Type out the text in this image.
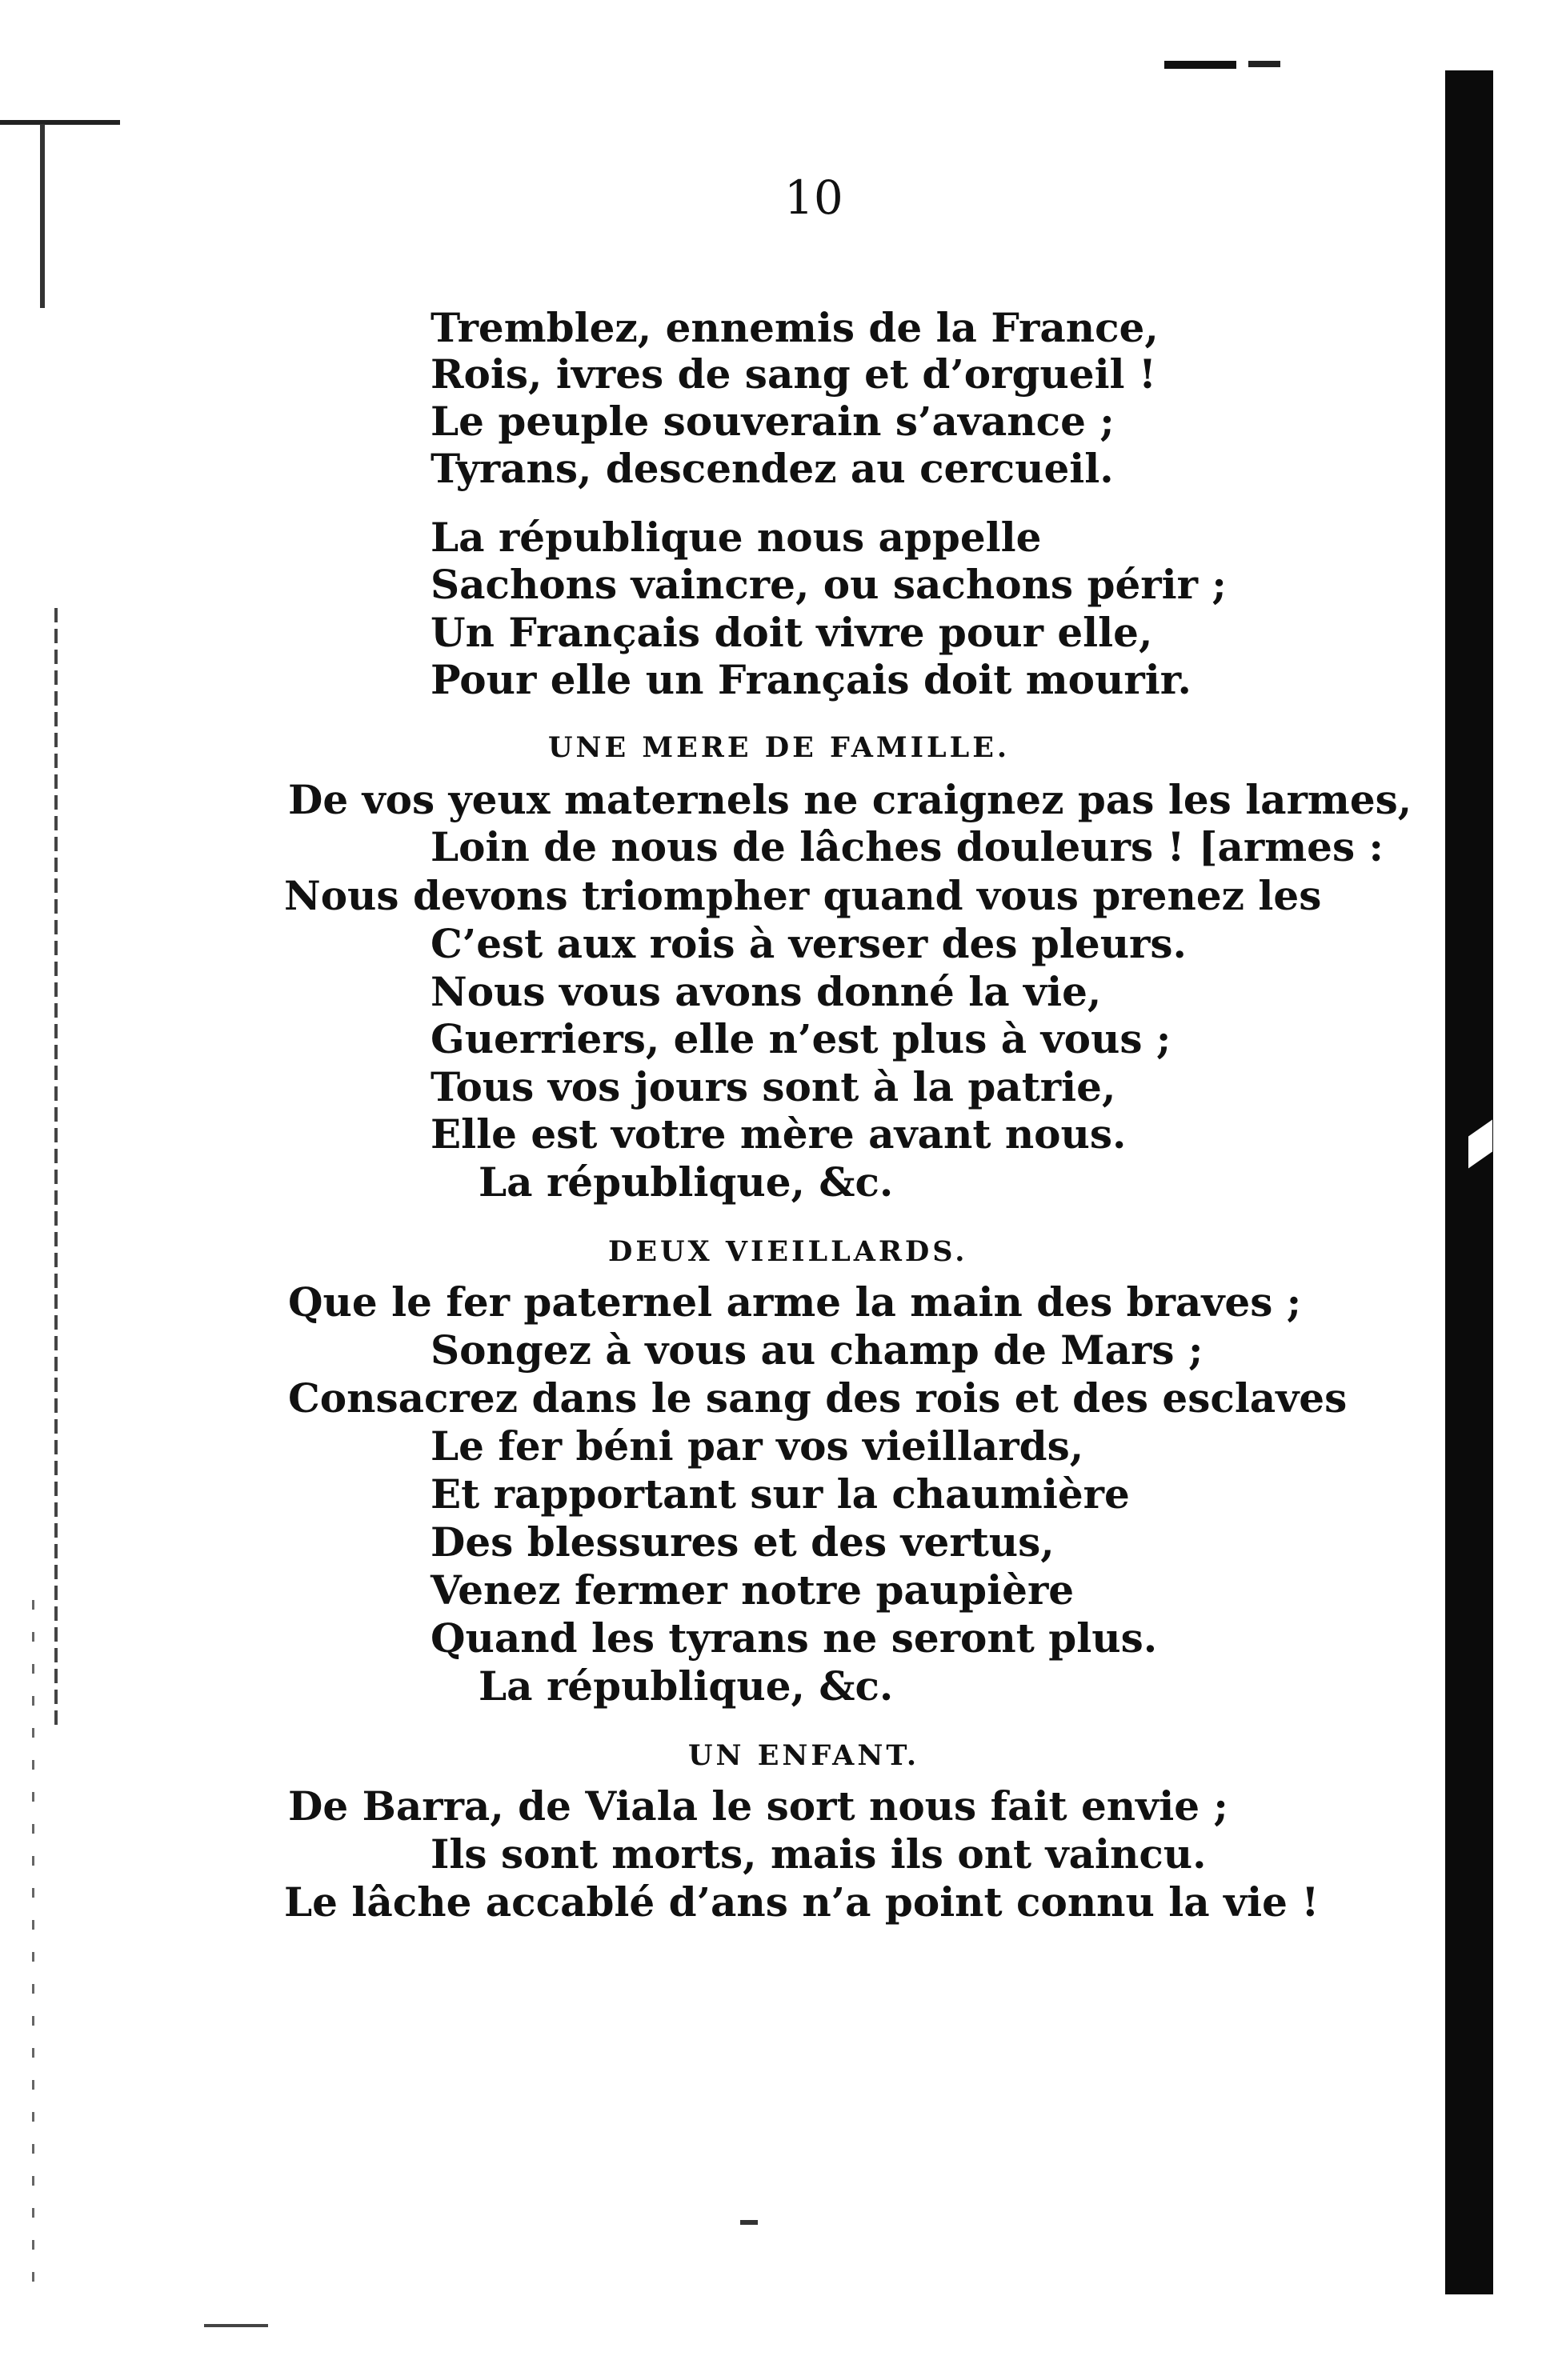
10
Tremblez, ennemis de la France,
Rois, ivres de sang et d’orgueil !
Le peuple souverain s’avance ;
Tyrans, descendez au cercueil.
La république nous appelle
Sachons vaincre, ou sachons périr ;
Un Français doit vivre pour elle,
Pour elle un Français doit mourir.
UNE MERE DE FAMILLE.
De vos yeux maternels ne craignez pas les larmes,
Loin de nous de lâches douleurs ! [armes :
Nous devons triompher quand vous prenez les
C’est aux rois à verser des pleurs.
Nous vous avons donné la vie,
Guerriers, elle n’est plus à vous ;
Tous vos jours sont à la patrie,
Elle est votre mère avant nous.
La république, &c.
DEUX VIEILLARDS.
Que le fer paternel arme la main des braves ;
Songez à vous au champ de Mars ;
Consacrez dans le sang des rois et des esclaves
Le fer béni par vos vieillards,
Et rapportant sur la chaumière
Des blessures et des vertus,
Venez fermer notre paupière
Quand les tyrans ne seront plus.
La république, &c.
UN ENFANT.
De Barra, de Viala le sort nous fait envie ;
Ils sont morts, mais ils ont vaincu.
Le lâche accablé d’ans n’a point connu la vie !
